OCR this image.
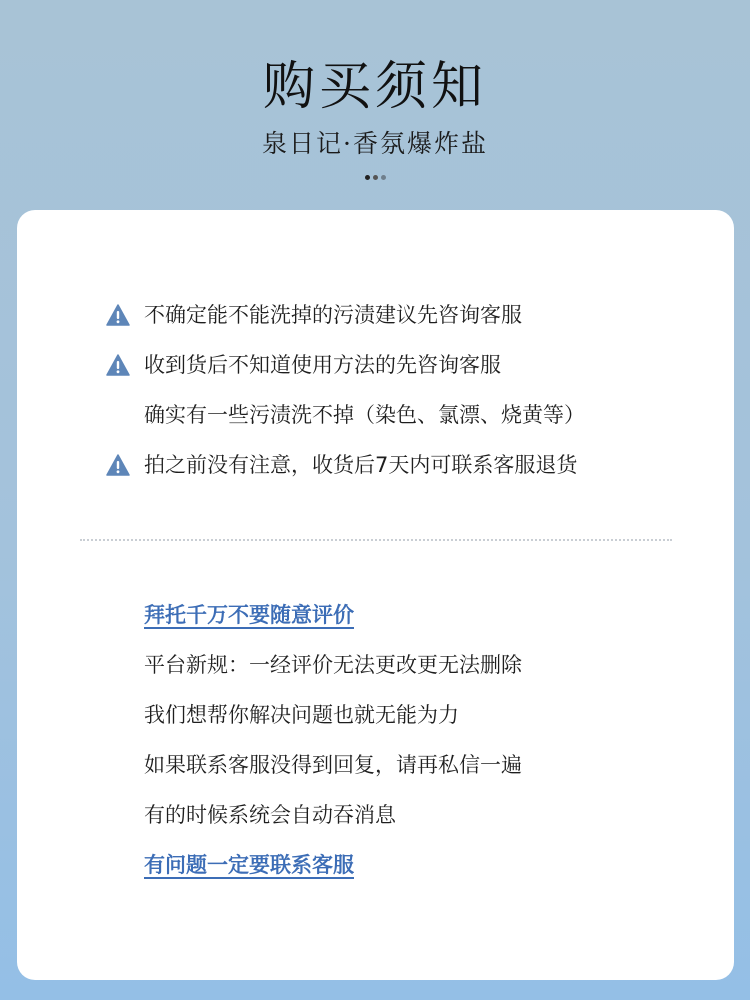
购买须知
泉日记·香氛爆炸盐
不确定能不能洗掉的污渍建议先咨询客服
收到货后不知道使用方法的先咨询客服
确实有一些污渍洗不掉（染色、氯漂、烧黄等）
拍之前没有注意，收货后7天内可联系客服退货
拜托千万不要随意评价
平台新规：一经评价无法更改更无法删除
我们想帮你解决问题也就无能为力
如果联系客服没得到回复，请再私信一遍
有的时候系统会自动吞消息
有问题一定要联系客服
